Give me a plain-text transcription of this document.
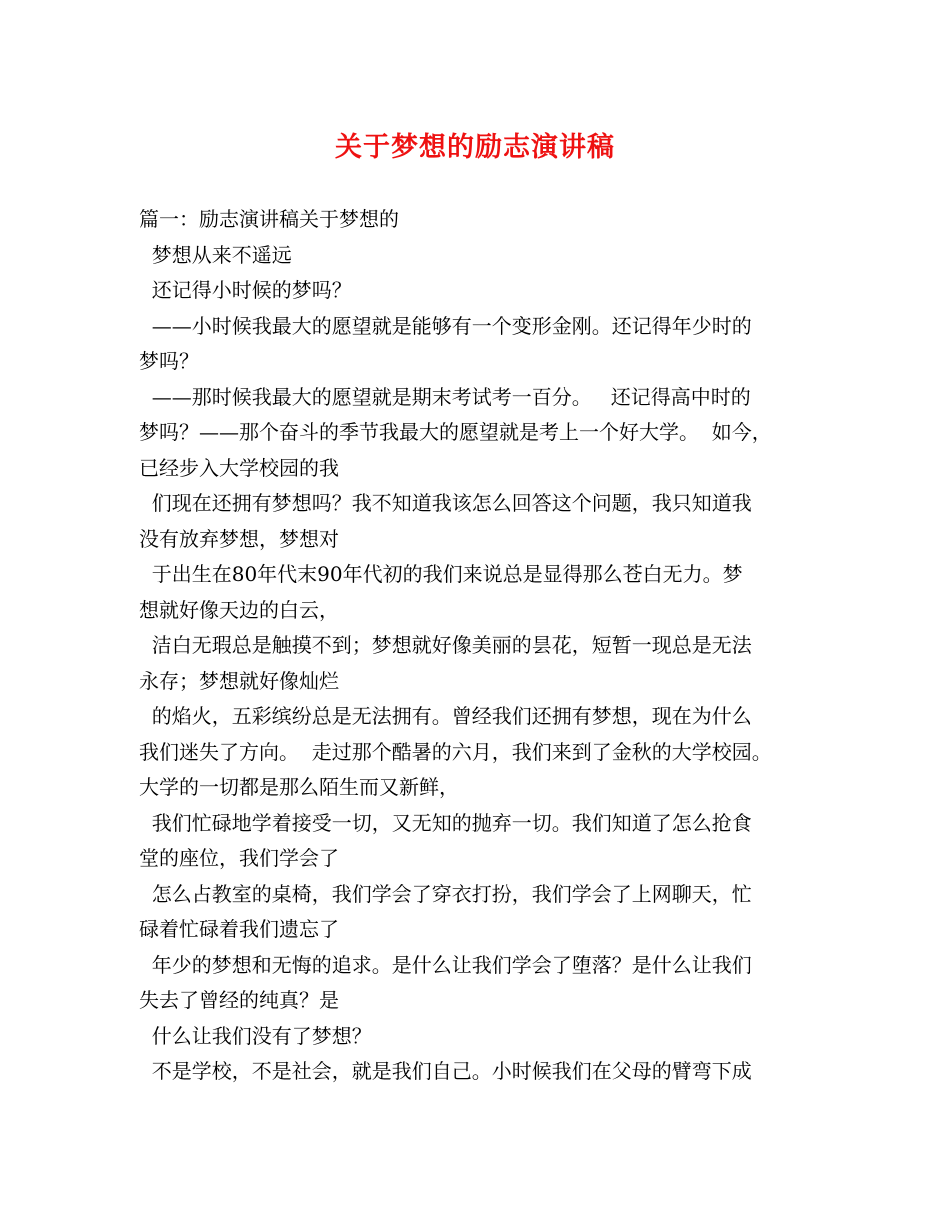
关于梦想的励志演讲稿
篇一：励志演讲稿关于梦想的
梦想从来不遥远
还记得小时候的梦吗？
——小时候我最大的愿望就是能够有一个变形金刚。还记得年少时的
梦吗？
——那时候我最大的愿望就是期末考试考一百分。   还记得高中时的
梦吗？——那个奋斗的季节我最大的愿望就是考上一个好大学。  如今，
已经步入大学校园的我
们现在还拥有梦想吗？我不知道我该怎么回答这个问题，我只知道我
没有放弃梦想，梦想对
于出生在80年代末90年代初的我们来说总是显得那么苍白无力。梦
想就好像天边的白云，
洁白无瑕总是触摸不到；梦想就好像美丽的昙花，短暂一现总是无法
永存；梦想就好像灿烂
的焰火，五彩缤纷总是无法拥有。曾经我们还拥有梦想，现在为什么
我们迷失了方向。  走过那个酷暑的六月，我们来到了金秋的大学校园。
大学的一切都是那么陌生而又新鲜，
我们忙碌地学着接受一切，又无知的抛弃一切。我们知道了怎么抢食
堂的座位，我们学会了
怎么占教室的桌椅，我们学会了穿衣打扮，我们学会了上网聊天，忙
碌着忙碌着我们遗忘了
年少的梦想和无悔的追求。是什么让我们学会了堕落？是什么让我们
失去了曾经的纯真？是
什么让我们没有了梦想？
不是学校，不是社会，就是我们自己。小时候我们在父母的臂弯下成
